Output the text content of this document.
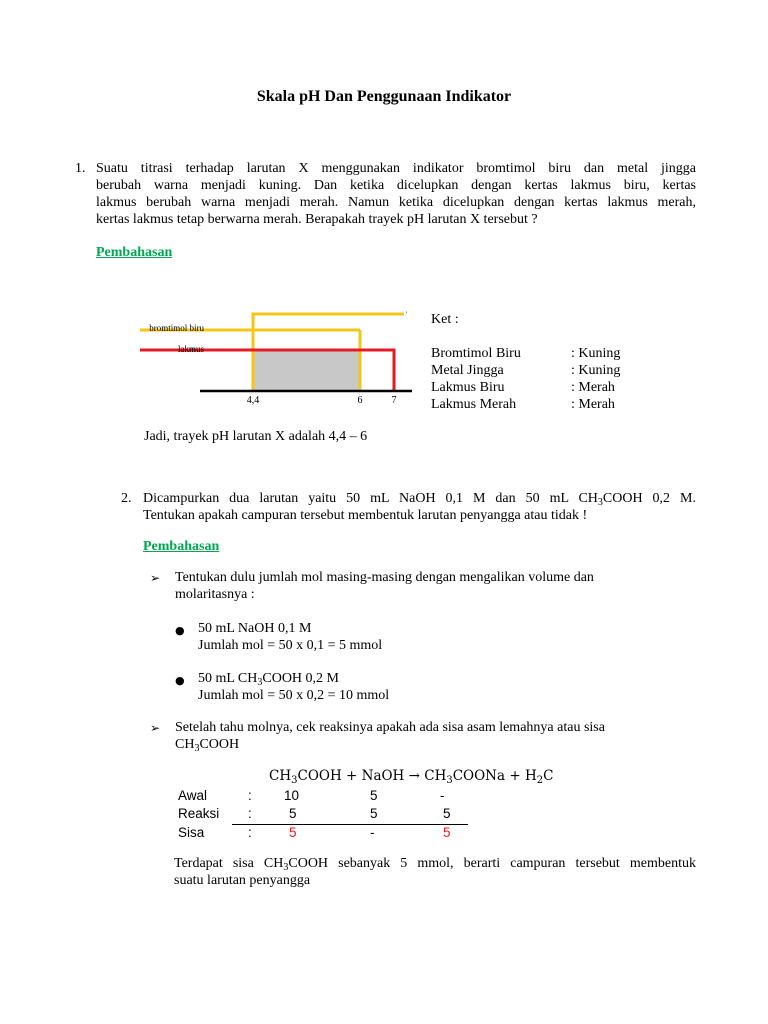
Skala pH Dan Penggunaan Indikator
1. Suatu titrasi terhadap larutan X menggunakan indikator bromtimol biru dan metal jingga
berubah warna menjadi kuning. Dan ketika dicelupkan dengan kertas lakmus biru, kertas
lakmus berubah warna menjadi merah. Namun ketika dicelupkan dengan kertas lakmus merah,
kertas lakmus tetap berwarna merah. Berapakah trayek pH larutan X tersebut ?
Pembahasan
bromtimol biru
lakmus
ˈ
4,4	6	7
Ket :
Bromtimol Biru	: Kuning
Metal Jingga	: Kuning
Lakmus Biru	: Merah
Lakmus Merah	: Merah
Jadi, trayek pH larutan X adalah 4,4 – 6
2. Dicampurkan dua larutan yaitu 50 mL NaOH 0,1 M dan 50 mL $CH_3COOH$ 0,2 M.
Tentukan apakah campuran tersebut membentuk larutan penyangga atau tidak !
Pembahasan
➢ Tentukan dulu jumlah mol masing-masing dengan mengalikan volume dan
molaritasnya :
● 50 mL NaOH 0,1 M
Jumlah mol = 50 x 0,1 = 5 mmol
● 50 mL $CH_3COOH$ 0,2 M
Jumlah mol = 50 x 0,2 = 10 mmol
➢ Setelah tahu molnya, cek reaksinya apakah ada sisa asam lemahnya atau sisa
$CH_3COOH$
$CH_3COOH$ + NaOH → $CH_3COONa + H_2C$
Awal	: 10	5	-
Reaksi :	5	5	5
Sisa	:	5	-	5
Terdapat sisa $CH_3COOH$ sebanyak 5 mmol, berarti campuran tersebut membentuk
suatu larutan penyangga
